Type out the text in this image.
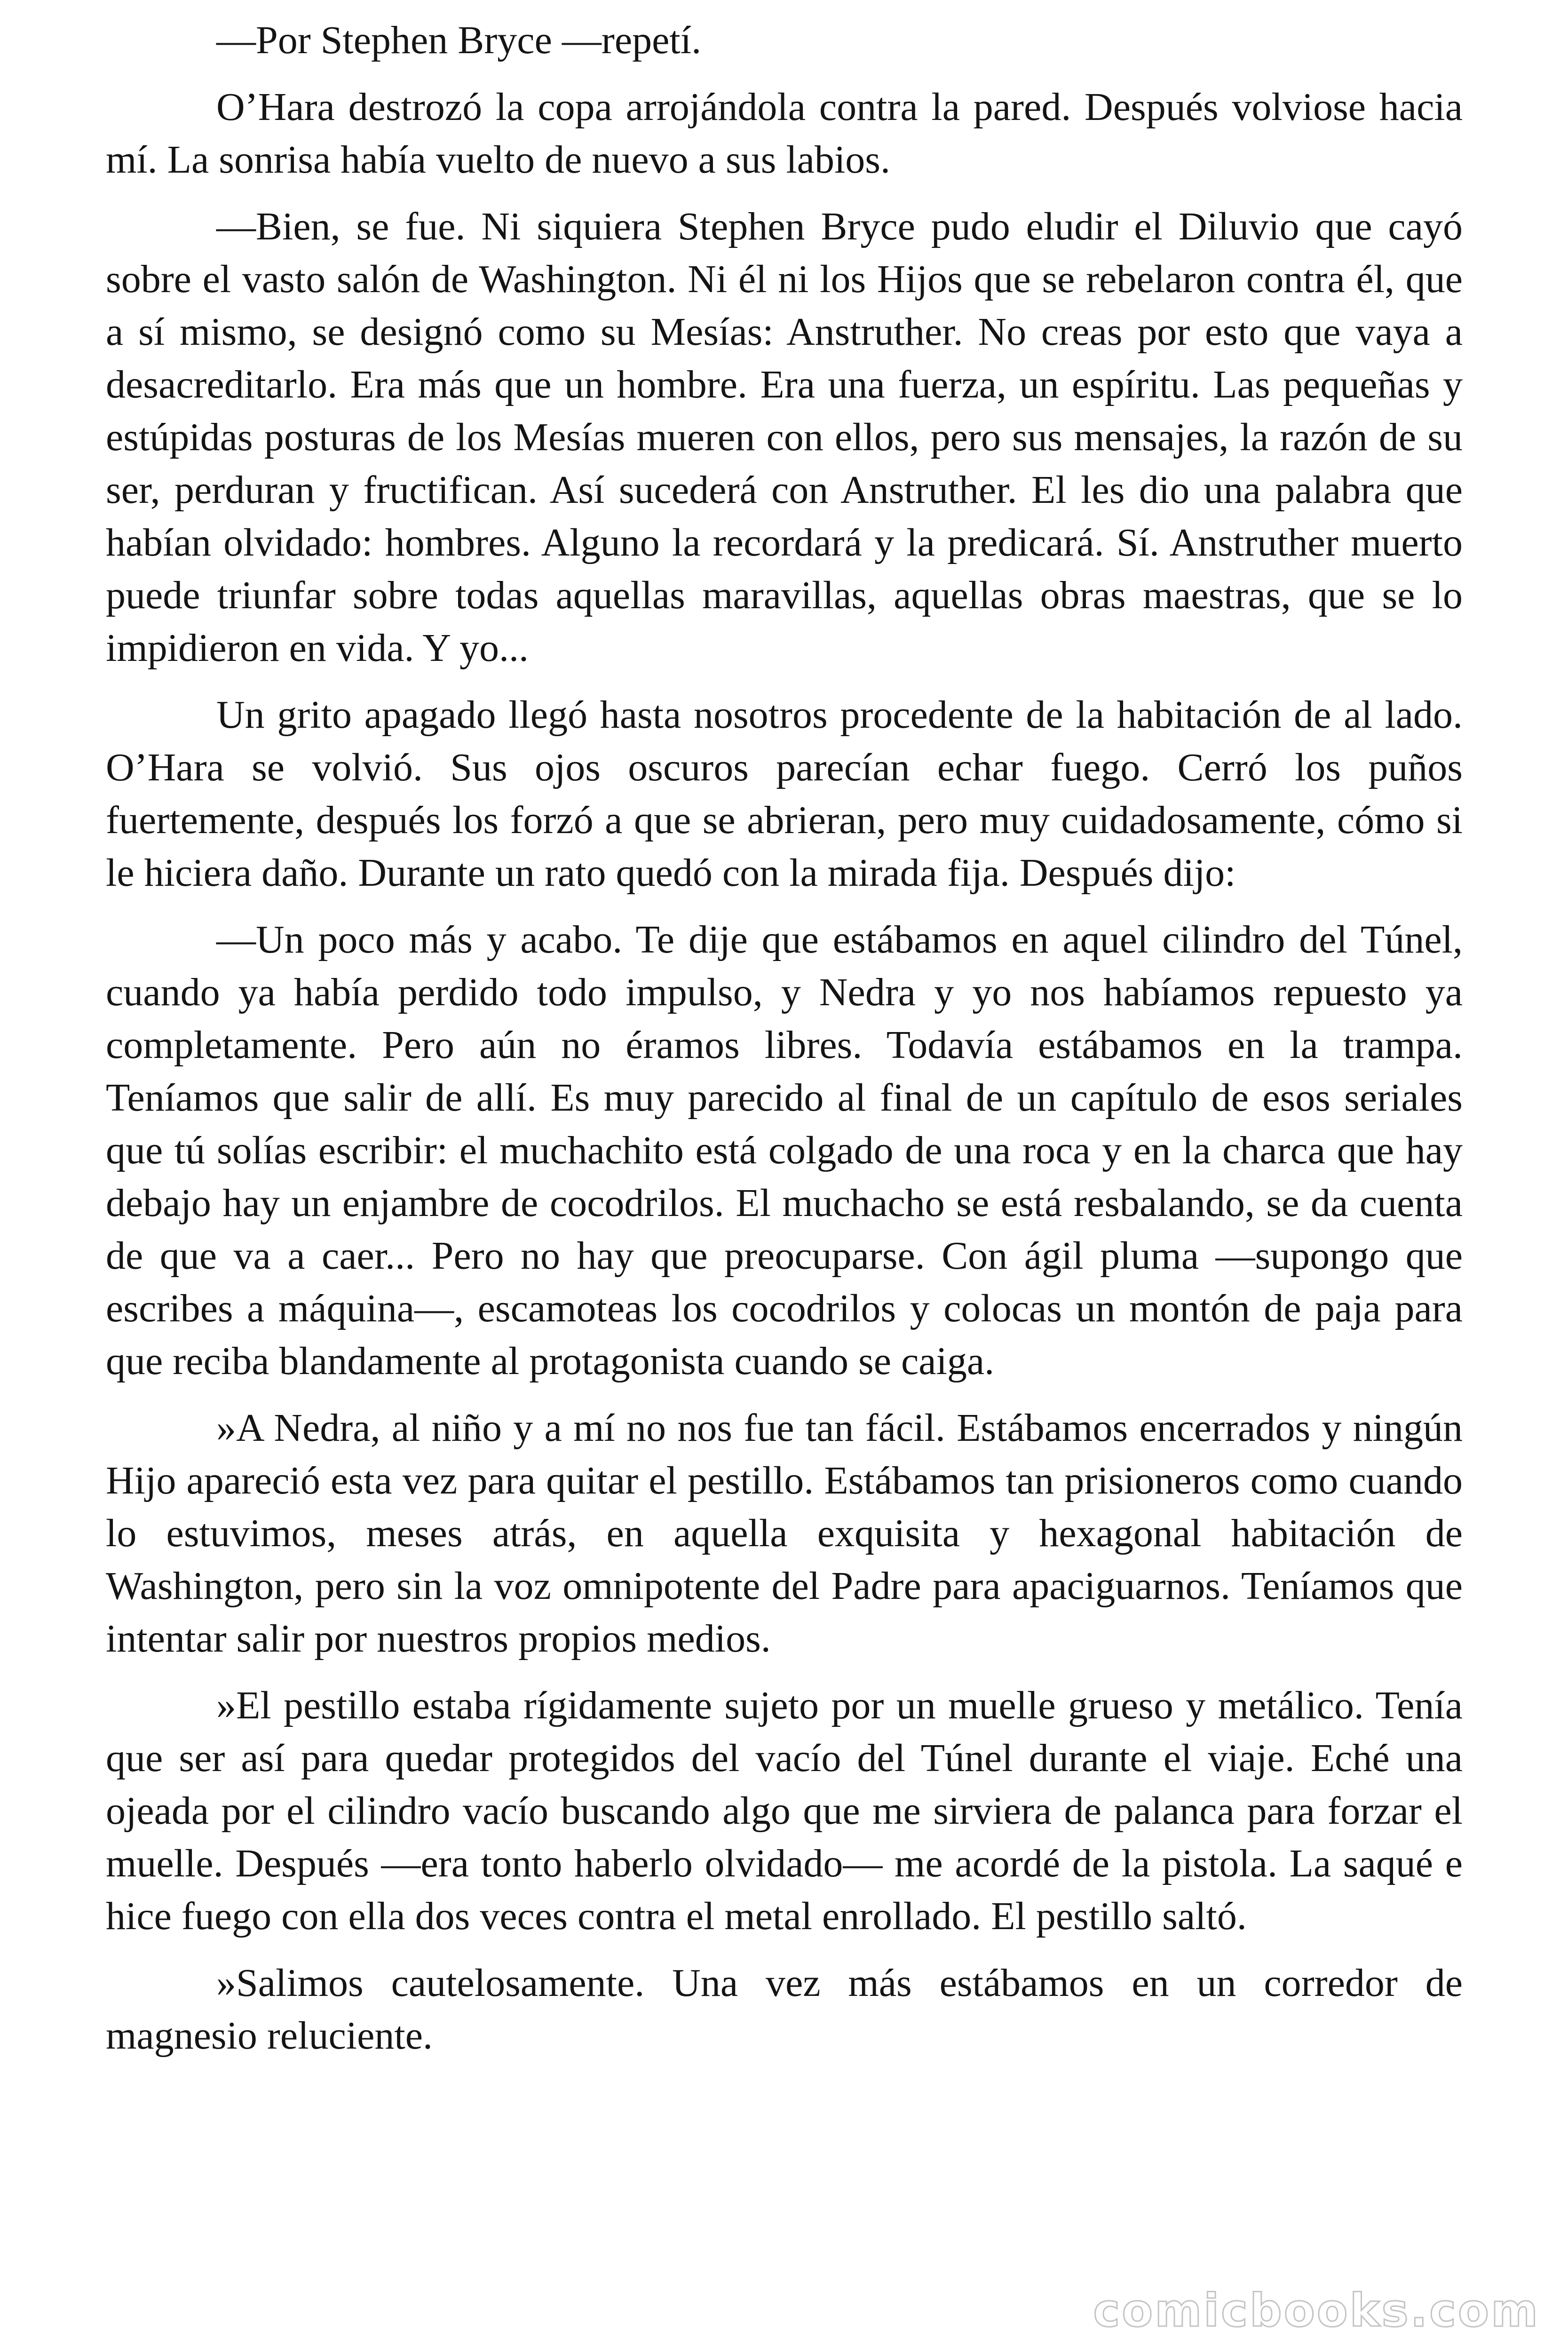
—Por Stephen Bryce —repetí.

O’Hara destrozó la copa arrojándola contra la pared. Después volviose hacia mí. La sonrisa había vuelto de nuevo a sus labios.

—Bien, se fue. Ni siquiera Stephen Bryce pudo eludir el Diluvio que cayó sobre el vasto salón de Washington. Ni él ni los Hijos que se rebelaron contra él, que a sí mismo, se designó como su Mesías: Anstruther. No creas por esto que vaya a desacreditarlo. Era más que un hombre. Era una fuerza, un espíritu. Las pequeñas y estúpidas posturas de los Mesías mueren con ellos, pero sus mensajes, la razón de su ser, perduran y fructifican. Así sucederá con Anstruther. El les dio una palabra que habían olvidado: hombres. Alguno la recordará y la predicará. Sí. Anstruther muerto puede triunfar sobre todas aquellas maravillas, aquellas obras maestras, que se lo impidieron en vida. Y yo...

Un grito apagado llegó hasta nosotros procedente de la habitación de al lado. O’Hara se volvió. Sus ojos oscuros parecían echar fuego. Cerró los puños fuertemente, después los forzó a que se abrieran, pero muy cuidadosamente, cómo si le hiciera daño. Durante un rato quedó con la mirada fija. Después dijo:

—Un poco más y acabo. Te dije que estábamos en aquel cilindro del Túnel, cuando ya había perdido todo impulso, y Nedra y yo nos habíamos repuesto ya completamente. Pero aún no éramos libres. Todavía estábamos en la trampa. Teníamos que salir de allí. Es muy parecido al final de un capítulo de esos seriales que tú solías escribir: el muchachito está colgado de una roca y en la charca que hay debajo hay un enjambre de cocodrilos. El muchacho se está resbalando, se da cuenta de que va a caer... Pero no hay que preocuparse. Con ágil pluma —supongo que escribes a máquina—, escamoteas los cocodrilos y colocas un montón de paja para que reciba blandamente al protagonista cuando se caiga.

»A Nedra, al niño y a mí no nos fue tan fácil. Estábamos encerrados y ningún Hijo apareció esta vez para quitar el pestillo. Estábamos tan prisioneros como cuando lo estuvimos, meses atrás, en aquella exquisita y hexagonal habitación de Washington, pero sin la voz omnipotente del Padre para apaciguarnos. Teníamos que intentar salir por nuestros propios medios.

»El pestillo estaba rígidamente sujeto por un muelle grueso y metálico. Tenía que ser así para quedar protegidos del vacío del Túnel durante el viaje. Eché una ojeada por el cilindro vacío buscando algo que me sirviera de palanca para forzar el muelle. Después —era tonto haberlo olvidado— me acordé de la pistola. La saqué e hice fuego con ella dos veces contra el metal enrollado. El pestillo saltó.

»Salimos cautelosamente. Una vez más estábamos en un corredor de magnesio reluciente.

comicbooks.com
